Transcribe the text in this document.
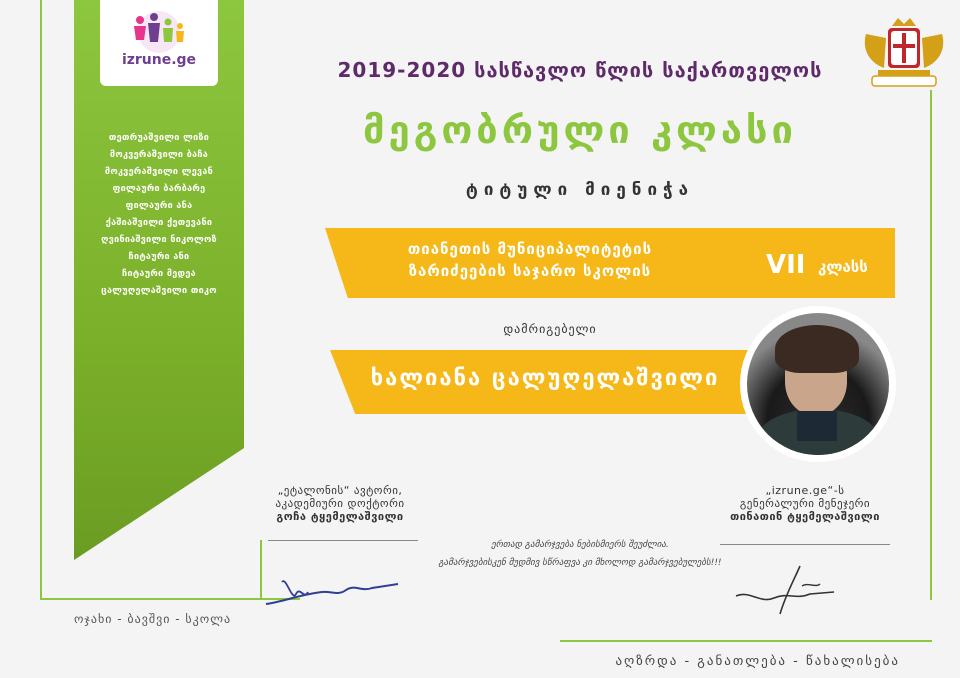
izrune.ge
თეთრუაშვილი ლიზი
მოკვერაშვილი ბაჩა
მოკვერაშვილი ლევან
ფილაური ბარბარე
ფილაური ანა
ქაშიაშვილი ქეთევანი
ღვინიაშვილი ნიკოლოზ
ჩიტაური ანი
ჩიტაური მედეა
ცალუღელაშვილი თიკო
ოჯახი - ბავშვი - სკოლა
2019-2020 სასწავლო წლის საქართველოს
მეგობრული კლასი
ტიტული მიენიჭა
თიანეთის მუნიციპალიტეტის
ზარიძეების საჯარო სკოლის	VII კლასს
დამრიგებელი
ხალიანა ცალუღელაშვილი
„ეტალონის“ ავტორი,
აკადემიური დოქტორი
გოჩა ტყემელაშვილი
ერთად გამარჯვება ნებისმიერს შეუძლია.
გამარჯვებისკენ მუდმივ სწრაფვა კი მხოლოდ გამარჯვებულებს!!!
„izrune.ge“-ს
გენერალური მენეჯერი
თინათინ ტყემელაშვილი
აღზრდა - განათლება - წახალისება
